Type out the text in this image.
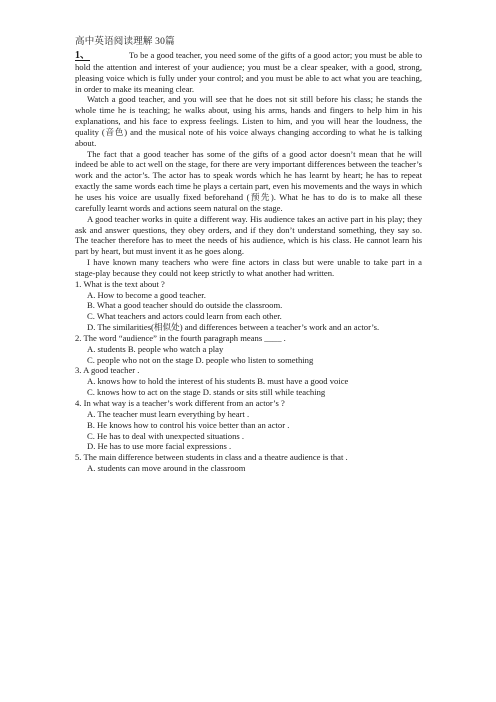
高中英语阅读理解 30篇

1、	To be a good teacher, you need some of the gifts of a good actor; you must be able to hold the attention and interest of your audience; you must be a clear speaker, with a good, strong, pleasing voice which is fully under your control; and you must be able to act what you are teaching, in order to make its meaning clear.

Watch a good teacher, and you will see that he does not sit still before his class; he stands the whole time he is teaching; he walks about, using his arms, hands and fingers to help him in his explanations, and his face to express feelings. Listen to him, and you will hear the loudness, the quality (音色) and the musical note of his voice always changing according to what he is talking about.

The fact that a good teacher has some of the gifts of a good actor doesn’t mean that he will indeed be able to act well on the stage, for there are very important differences between the teacher’s work and the actor’s. The actor has to speak words which he has learnt by heart; he has to repeat exactly the same words each time he plays a certain part, even his movements and the ways in which he uses his voice are usually fixed beforehand (预先). What he has to do is to make all these carefully learnt words and actions seem natural on the stage.

A good teacher works in quite a different way. His audience takes an active part in his play; they ask and answer questions, they obey orders, and if they don’t understand something, they say so. The teacher therefore has to meet the needs of his audience, which is his class. He cannot learn his part by heart, but must invent it as he goes along.

I have known many teachers who were fine actors in class but were unable to take part in a stage-play because they could not keep strictly to what another had written.

1. What is the text about ?

A. How to become a good teacher.

B. What a good teacher should do outside the classroom.

C. What teachers and actors could learn from each other.

D. The similarities(相似处) and differences between a teacher’s work and an actor’s.

2. The word “audience” in the fourth paragraph means ____ .

A. students B. people who watch a play

C. people who not on the stage D. people who listen to something

3. A good teacher .

A. knows how to hold the interest of his students B. must have a good voice

C. knows how to act on the stage D. stands or sits still while teaching

4. In what way is a teacher’s work different from an actor’s ?

A. The teacher must learn everything by heart .

B. He knows how to control his voice better than an actor .

C. He has to deal with unexpected situations .

D. He has to use more facial expressions .

5. The main difference between students in class and a theatre audience is that .

A. students can move around in the classroom
